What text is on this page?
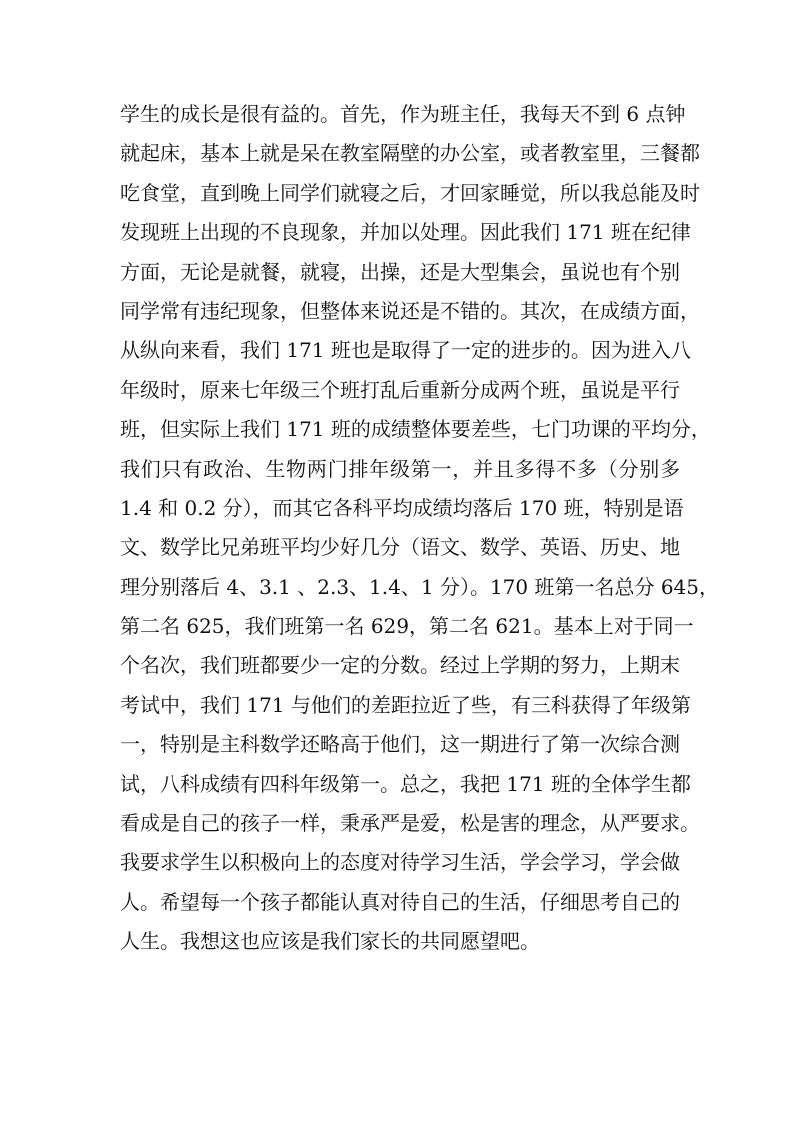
学生的成长是很有益的。首先，作为班主任，我每天不到 6 点钟
就起床，基本上就是呆在教室隔壁的办公室，或者教室里，三餐都
吃食堂，直到晚上同学们就寝之后，才回家睡觉，所以我总能及时
发现班上出现的不良现象，并加以处理。因此我们 171 班在纪律
方面，无论是就餐，就寝，出操，还是大型集会，虽说也有个别
同学常有违纪现象，但整体来说还是不错的。其次，在成绩方面，
从纵向来看，我们 171 班也是取得了一定的进步的。因为进入八
年级时，原来七年级三个班打乱后重新分成两个班，虽说是平行
班，但实际上我们 171 班的成绩整体要差些，七门功课的平均分，
我们只有政治、生物两门排年级第一，并且多得不多（分别多
1.4 和 0.2 分），而其它各科平均成绩均落后 170 班，特别是语
文、数学比兄弟班平均少好几分（语文、数学、英语、历史、地
理分别落后 4、3.1 、2.3、1.4、1 分）。170 班第一名总分 645，
第二名 625，我们班第一名 629，第二名 621。基本上对于同一
个名次，我们班都要少一定的分数。经过上学期的努力，上期末
考试中，我们 171 与他们的差距拉近了些，有三科获得了年级第
一，特别是主科数学还略高于他们，这一期进行了第一次综合测
试，八科成绩有四科年级第一。总之，我把 171 班的全体学生都
看成是自己的孩子一样，秉承严是爱，松是害的理念，从严要求。
我要求学生以积极向上的态度对待学习生活，学会学习，学会做
人。希望每一个孩子都能认真对待自己的生活，仔细思考自己的
人生。我想这也应该是我们家长的共同愿望吧。
